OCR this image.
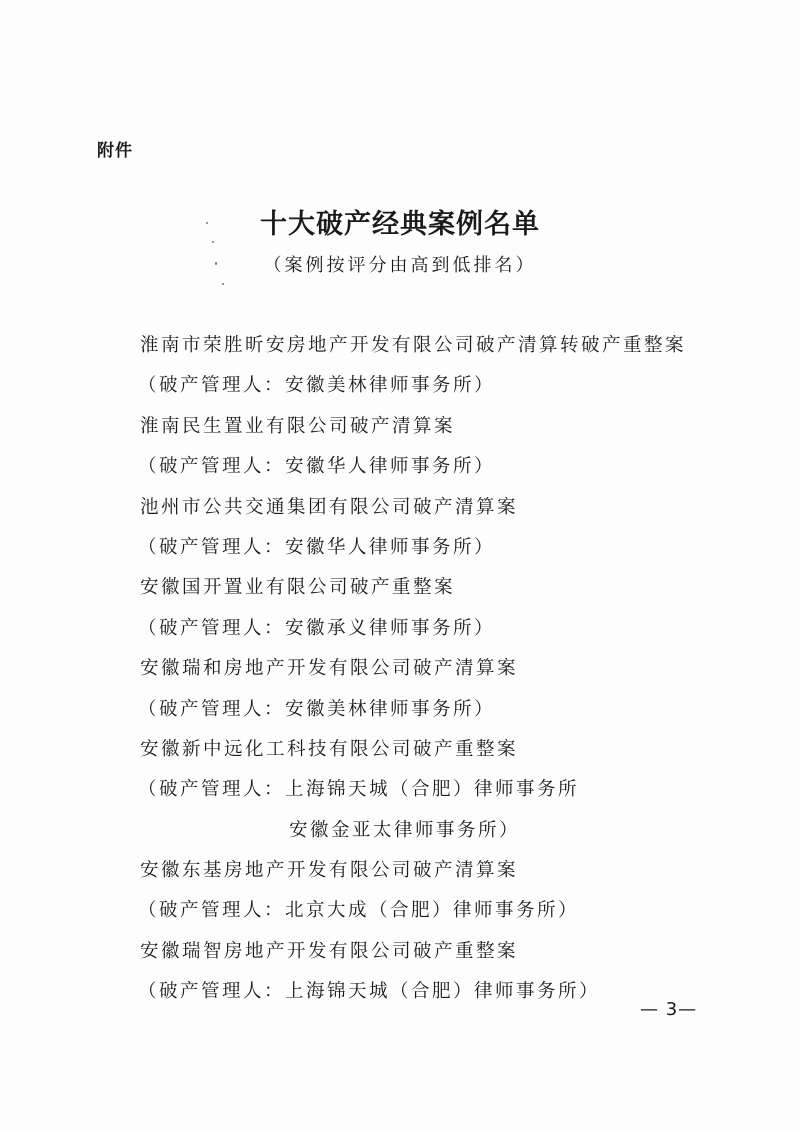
附件
十大破产经典案例名单
（案例按评分由高到低排名）
淮南市荣胜昕安房地产开发有限公司破产清算转破产重整案
（破产管理人：安徽美林律师事务所）
淮南民生置业有限公司破产清算案
（破产管理人：安徽华人律师事务所）
池州市公共交通集团有限公司破产清算案
（破产管理人：安徽华人律师事务所）
安徽国开置业有限公司破产重整案
（破产管理人：安徽承义律师事务所）
安徽瑞和房地产开发有限公司破产清算案
（破产管理人：安徽美林律师事务所）
安徽新中远化工科技有限公司破产重整案
（破产管理人：上海锦天城（合肥）律师事务所
安徽金亚太律师事务所）
安徽东基房地产开发有限公司破产清算案
（破产管理人：北京大成（合肥）律师事务所）
安徽瑞智房地产开发有限公司破产重整案
（破产管理人：上海锦天城（合肥）律师事务所）
— 3—
